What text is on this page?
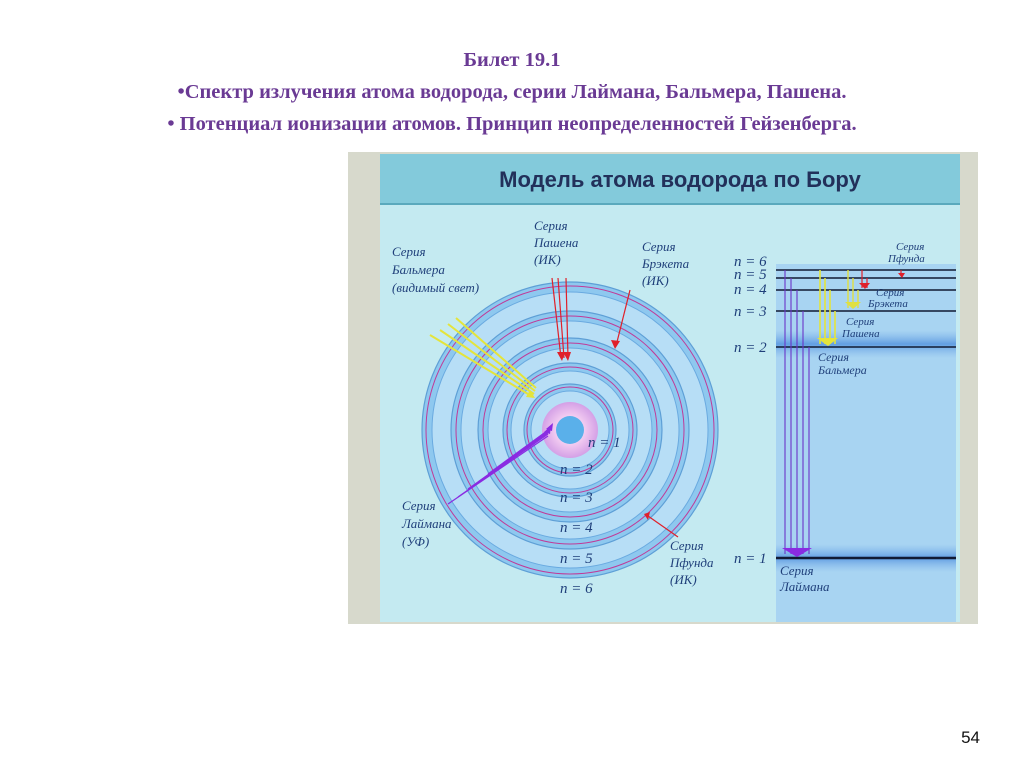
Билет 19.1
•Спектр излучения атома водорода, серии Лаймана, Бальмера, Пашена.
• Потенциал ионизации атомов. Принцип неопределенностей Гейзенберга.
Модель атома водорода по Бору
n = 1
n = 2
n = 3
n = 4
n = 5
n = 6
Серия Бальмера (видимый свет)
Серия Пашена (ИК)
Серия Брэкета (ИК)
Серия Лаймана (УФ)	Серия Пфунда (ИК)
n = 6
n = 5
n = 4
n = 3
n = 2
n = 1
Серия Пфунда
Серия Брэкета
Серия Пашена
Серия Бальмера
Серия Лаймана
54
